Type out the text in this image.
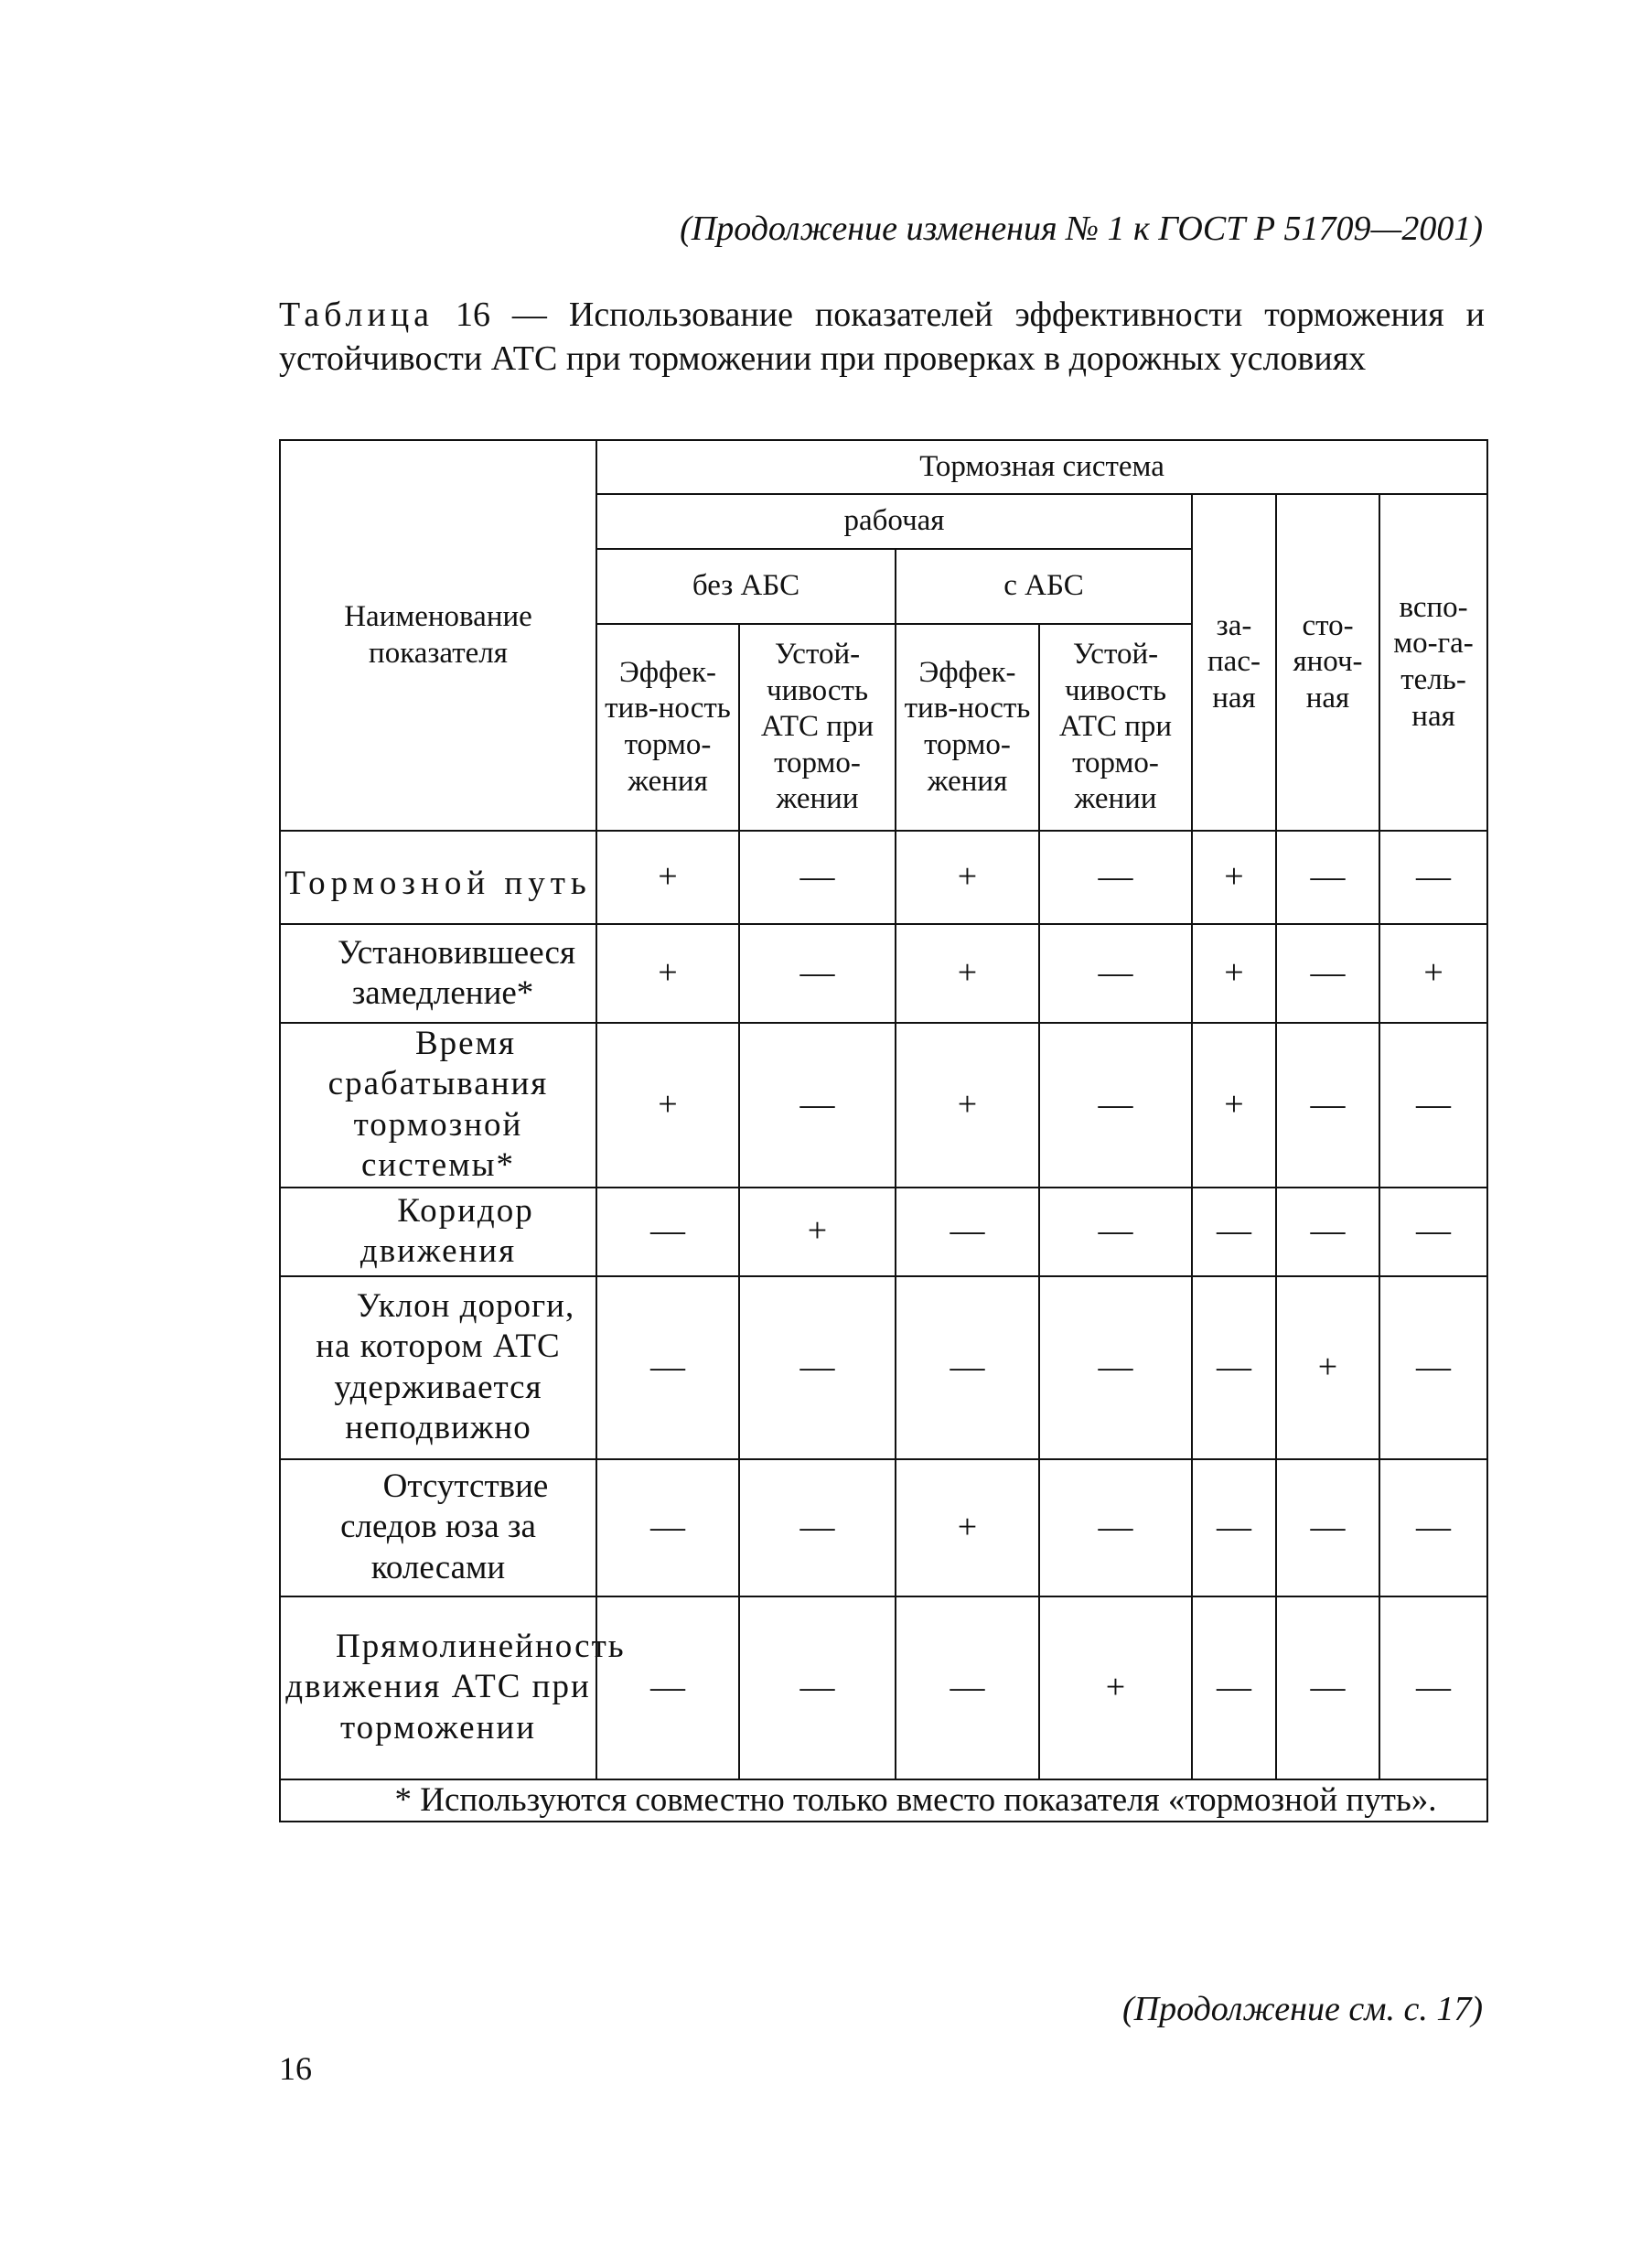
(Продолжение изменения № 1 к ГОСТ Р 51709—2001)
Таблица 16 — Использование показателей эффективности торможения и устойчивости АТС при торможении при проверках в дорожных условиях
Наименование показателя	Тормозная система						
	рабочая				за-пас-ная	сто-яноч-ная	вспо-мо-га-тель-ная
	без АБС		с АБС				
	Эффек-тив-ность тормо-жения	Устой-чивость АТС при тормо-жении	Эффек-тив-ность тормо-жения	Устой-чивость АТС при тормо-жении			
Тормозной путь	+	—	+	—	+	—	—
Установившееся замедление*	+	—	+	—	+	—	+
Время срабатывания тормозной системы*	+	—	+	—	+	—	—
Коридор движения	—	+	—	—	—	—	—
Уклон дороги, на котором АТС удерживается неподвижно	—	—	—	—	—	+	—
Отсутствие следов юза за колесами	—	—	+	—	—	—	—
Прямолинейность движения АТС при торможении	—	—	—	+	—	—	—
* Используются совместно только вместо показателя «тормозной путь».							
(Продолжение см. с. 17)
16
